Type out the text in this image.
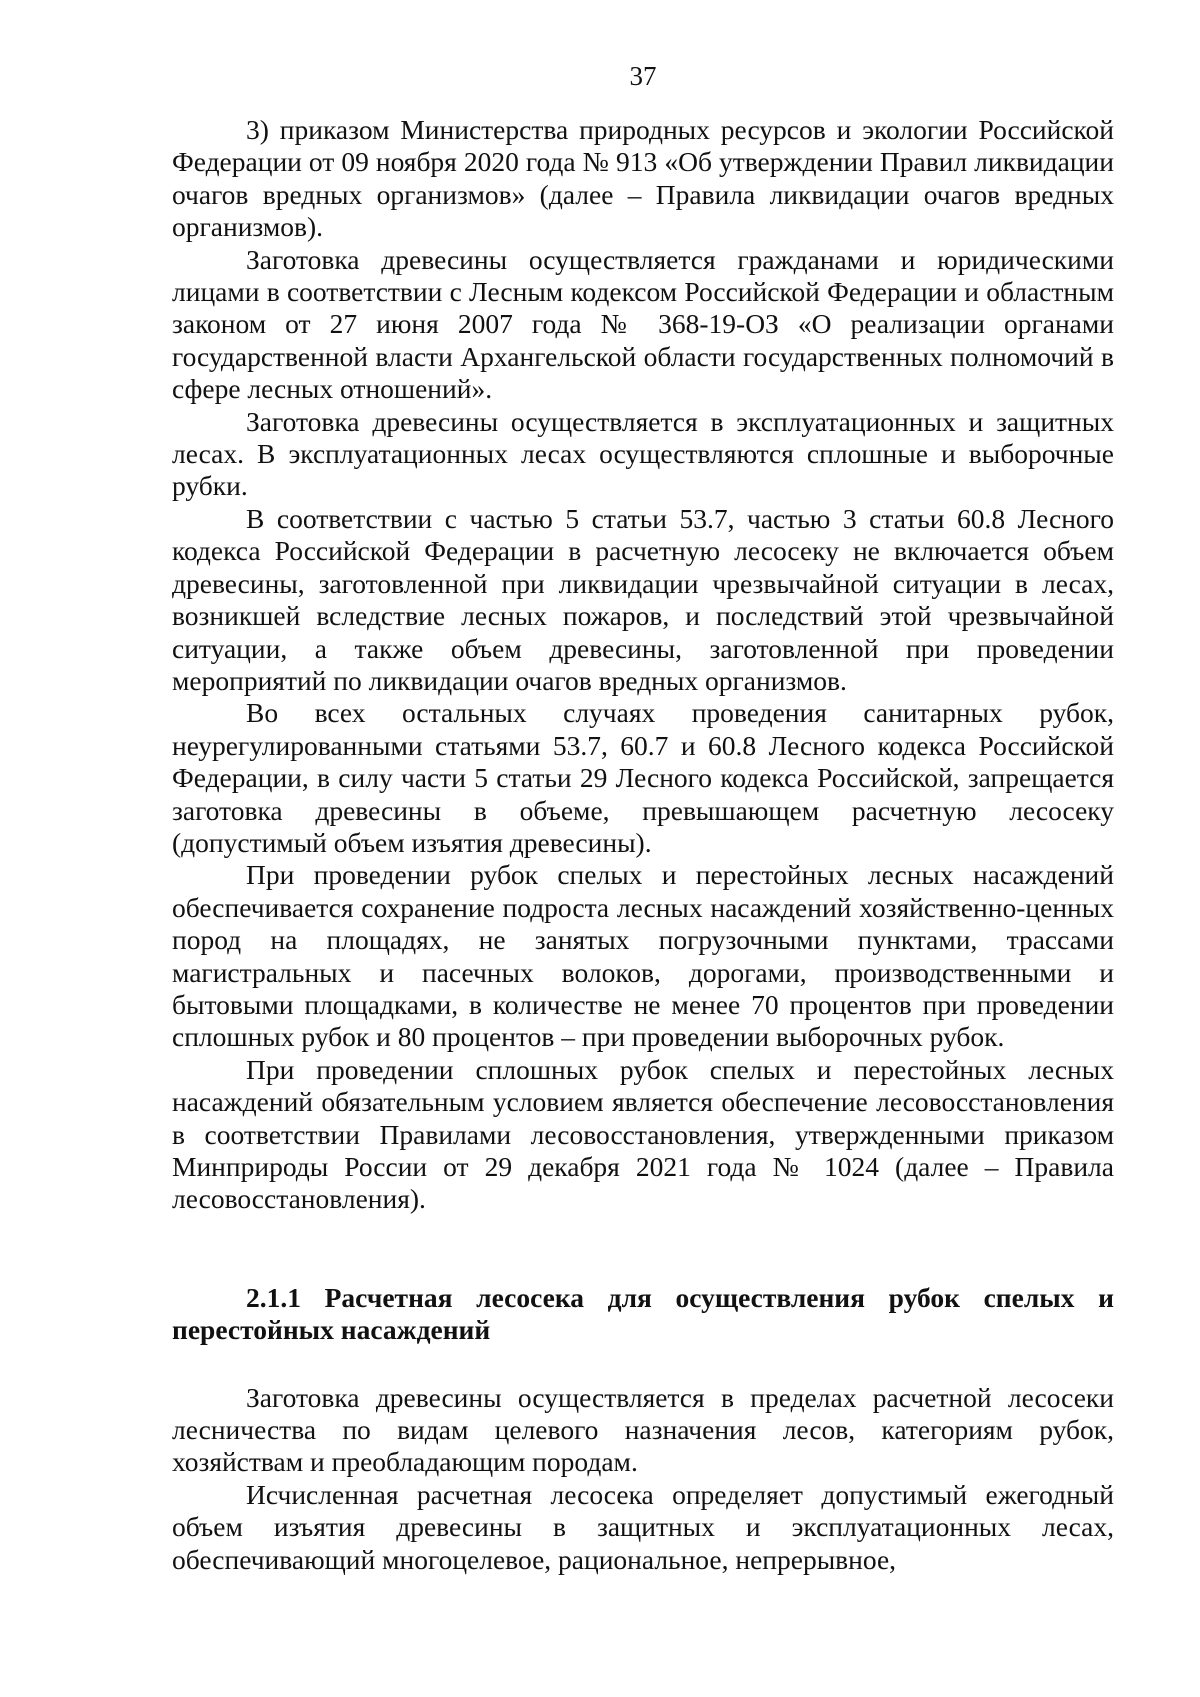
37

3) приказом Министерства природных ресурсов и экологии Российской Федерации от 09 ноября 2020 года № 913 «Об утверждении Правил ликвидации очагов вредных организмов» (далее – Правила ликвидации очагов вредных организмов).

Заготовка древесины осуществляется гражданами и юридическими лицами в соответствии с Лесным кодексом Российской Федерации и областным законом от 27 июня 2007 года № 368-19-ОЗ «О реализации органами государственной власти Архангельской области государственных полномочий в сфере лесных отношений».

Заготовка древесины осуществляется в эксплуатационных и защитных лесах. В эксплуатационных лесах осуществляются сплошные и выборочные рубки.

В соответствии с частью 5 статьи 53.7, частью 3 статьи 60.8 Лесного кодекса Российской Федерации в расчетную лесосеку не включается объем древесины, заготовленной при ликвидации чрезвычайной ситуации в лесах, возникшей вследствие лесных пожаров, и последствий этой чрезвычайной ситуации, а также объем древесины, заготовленной при проведении мероприятий по ликвидации очагов вредных организмов.

Во всех остальных случаях проведения санитарных рубок, неурегулированными статьями 53.7, 60.7 и 60.8 Лесного кодекса Российской Федерации, в силу части 5 статьи 29 Лесного кодекса Российской, запрещается заготовка древесины в объеме, превышающем расчетную лесосеку (допустимый объем изъятия древесины).

При проведении рубок спелых и перестойных лесных насаждений обеспечивается сохранение подроста лесных насаждений хозяйственно-ценных пород на площадях, не занятых погрузочными пунктами, трассами магистральных и пасечных волоков, дорогами, производственными и бытовыми площадками, в количестве не менее 70 процентов при проведении сплошных рубок и 80 процентов – при проведении выборочных рубок.

При проведении сплошных рубок спелых и перестойных лесных насаждений обязательным условием является обеспечение лесовосстановления в соответствии Правилами лесовосстановления, утвержденными приказом Минприроды России от 29 декабря 2021 года № 1024 (далее – Правила лесовосстановления).

2.1.1 Расчетная лесосека для осуществления рубок спелых и перестойных насаждений

Заготовка древесины осуществляется в пределах расчетной лесосеки лесничества по видам целевого назначения лесов, категориям рубок, хозяйствам и преобладающим породам.

Исчисленная расчетная лесосека определяет допустимый ежегодный объем изъятия древесины в защитных и эксплуатационных лесах, обеспечивающий многоцелевое, рациональное, непрерывное,
